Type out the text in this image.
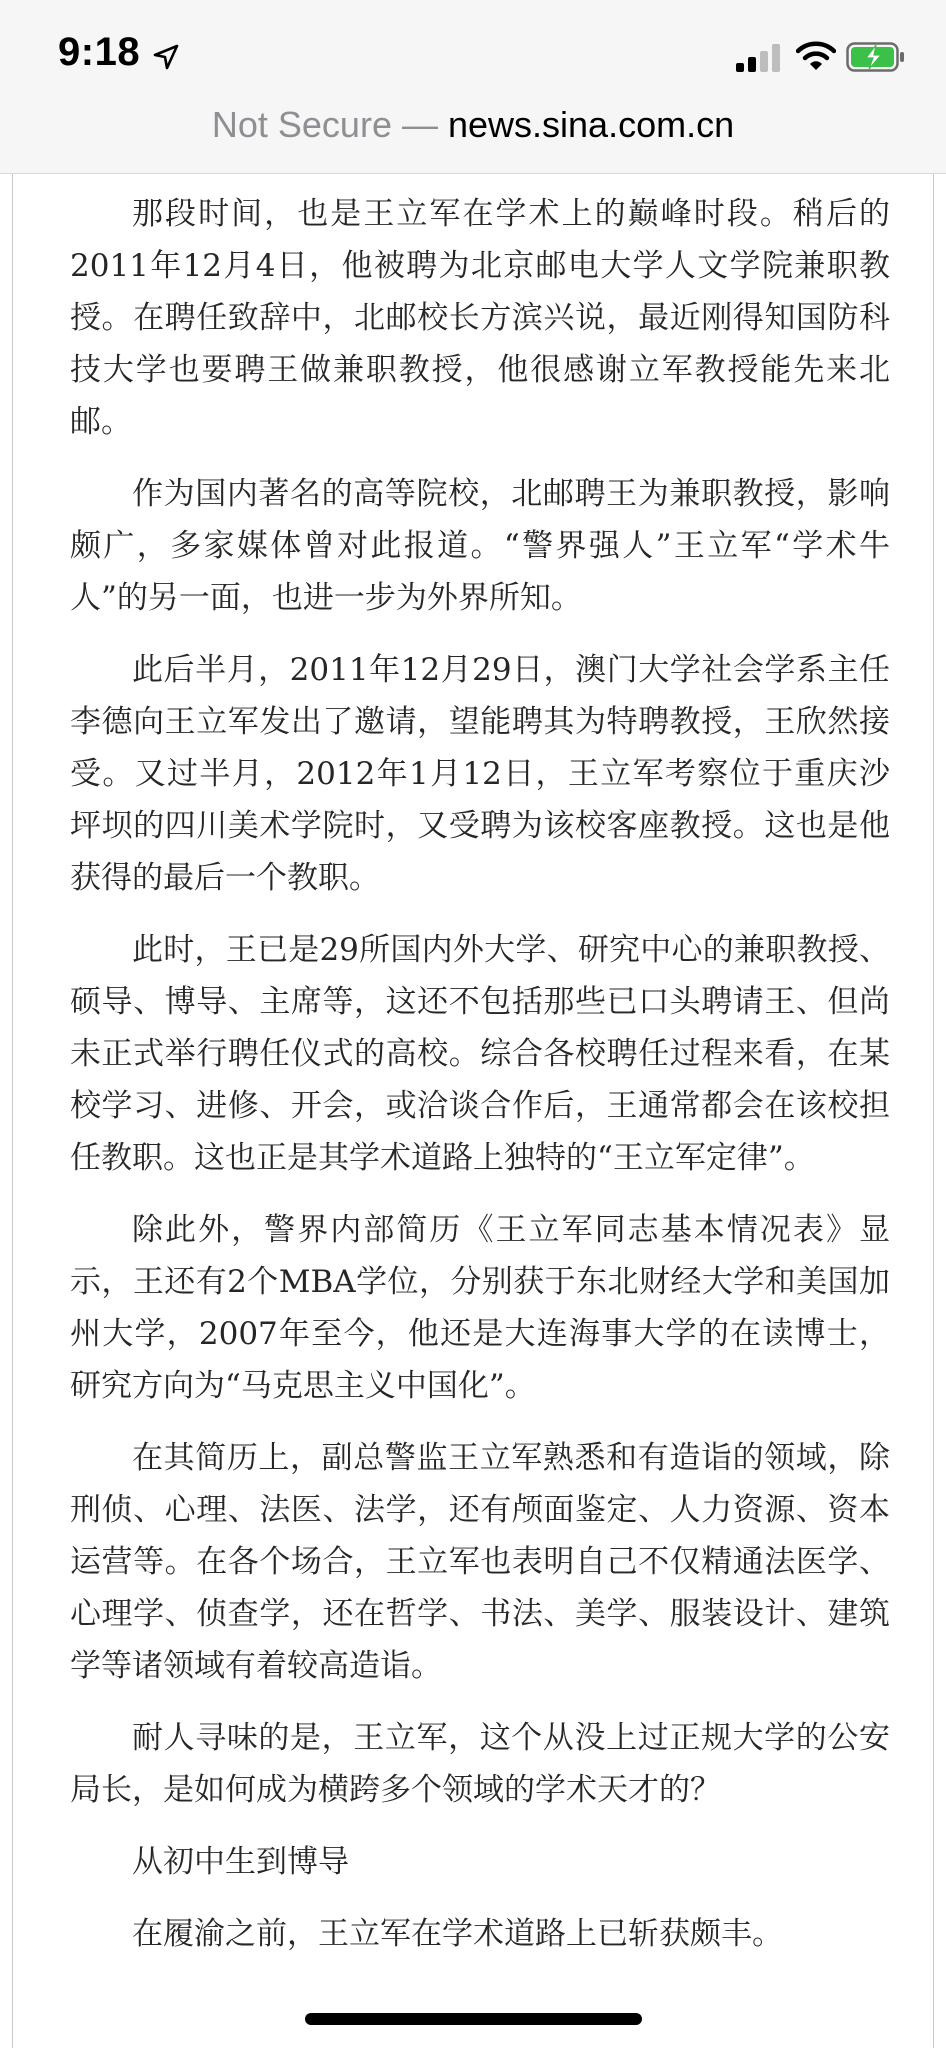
9:18
Not Secure — news.sina.com.cn

那段时间，也是王立军在学术上的巅峰时段。稍后的2011年12月4日，他被聘为北京邮电大学人文学院兼职教授。在聘任致辞中，北邮校长方滨兴说，最近刚得知国防科技大学也要聘王做兼职教授，他很感谢立军教授能先来北邮。

作为国内著名的高等院校，北邮聘王为兼职教授，影响颇广，多家媒体曾对此报道。“警界强人”王立军“学术牛人”的另一面，也进一步为外界所知。

此后半月，2011年12月29日，澳门大学社会学系主任李德向王立军发出了邀请，望能聘其为特聘教授，王欣然接受。又过半月，2012年1月12日，王立军考察位于重庆沙坪坝的四川美术学院时，又受聘为该校客座教授。这也是他获得的最后一个教职。

此时，王已是29所国内外大学、研究中心的兼职教授、硕导、博导、主席等，这还不包括那些已口头聘请王、但尚未正式举行聘任仪式的高校。综合各校聘任过程来看，在某校学习、进修、开会，或洽谈合作后，王通常都会在该校担任教职。这也正是其学术道路上独特的“王立军定律”。

除此外，警界内部简历《王立军同志基本情况表》显示，王还有2个MBA学位，分别获于东北财经大学和美国加州大学，2007年至今，他还是大连海事大学的在读博士，研究方向为“马克思主义中国化”。

在其简历上，副总警监王立军熟悉和有造诣的领域，除刑侦、心理、法医、法学，还有颅面鉴定、人力资源、资本运营等。在各个场合，王立军也表明自己不仅精通法医学、心理学、侦查学，还在哲学、书法、美学、服装设计、建筑学等诸领域有着较高造诣。

耐人寻味的是，王立军，这个从没上过正规大学的公安局长，是如何成为横跨多个领域的学术天才的？

从初中生到博导

在履渝之前，王立军在学术道路上已斩获颇丰。
